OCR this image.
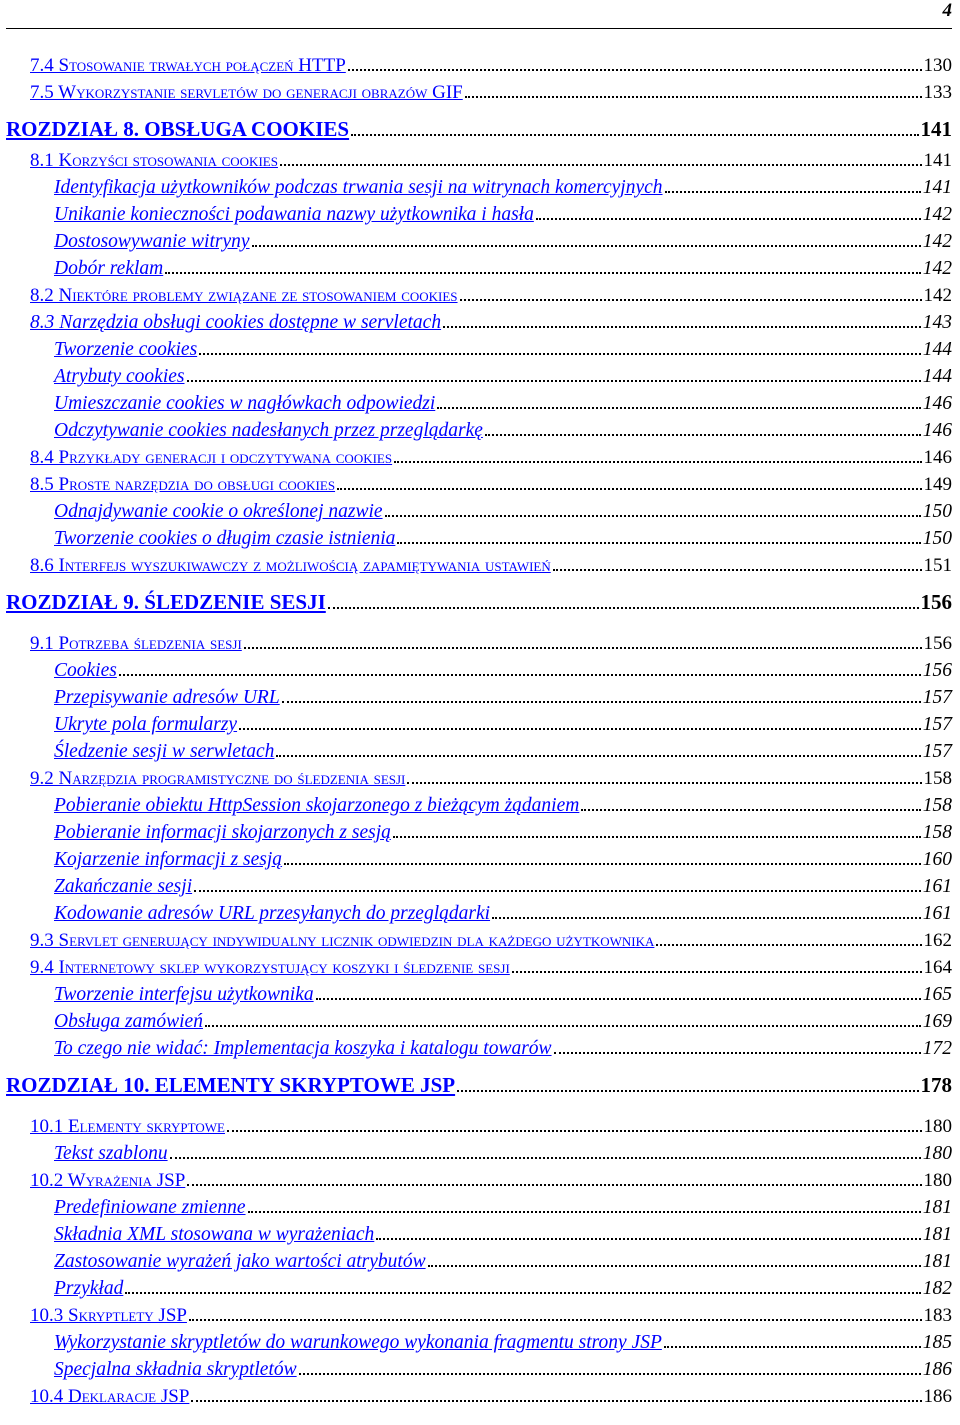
4
7.4 Stosowanie trwałych połączeń HTTP	130
7.5 Wykorzystanie servletów do generacji obrazów GIF	133
ROZDZIAŁ 8. OBSŁUGA COOKIES	141
8.1 Korzyści stosowania cookies	141
Identyfikacja użytkowników podczas trwania sesji na witrynach komercyjnych	141
Unikanie konieczności podawania nazwy użytkownika i hasła	142
Dostosowywanie witryny	142
Dobór reklam	142
8.2 Niektóre problemy związane ze stosowaniem cookies	142
8.3 Narzędzia obsługi cookies dostępne w servletach	143
Tworzenie cookies	144
Atrybuty cookies	144
Umieszczanie cookies w nagłówkach odpowiedzi	146
Odczytywanie cookies nadesłanych przez przeglądarkę	146
8.4 Przykłady generacji i odczytywana cookies	146
8.5 Proste narzędzia do obsługi cookies	149
Odnajdywanie cookie o określonej nazwie	150
Tworzenie cookies o długim czasie istnienia	150
8.6 Interfejs wyszukiwawczy z możliwością zapamiętywania ustawień	151
ROZDZIAŁ 9. ŚLEDZENIE SESJI	156
9.1 Potrzeba śledzenia sesji	156
Cookies	156
Przepisywanie adresów URL	157
Ukryte pola formularzy	157
Śledzenie sesji w serwletach	157
9.2 Narzędzia programistyczne do śledzenia sesji	158
Pobieranie obiektu HttpSession skojarzonego z bieżącym żądaniem	158
Pobieranie informacji skojarzonych z sesją	158
Kojarzenie informacji z sesją	160
Zakańczanie sesji	161
Kodowanie adresów URL przesyłanych do przeglądarki	161
9.3 Servlet generujący indywidualny licznik odwiedzin dla każdego użytkownika	162
9.4 Internetowy sklep wykorzystujący koszyki i śledzenie sesji	164
Tworzenie interfejsu użytkownika	165
Obsługa zamówień	169
To czego nie widać: Implementacja koszyka i katalogu towarów	172
ROZDZIAŁ 10. ELEMENTY SKRYPTOWE JSP	178
10.1 Elementy skryptowe	180
Tekst szablonu	180
10.2 Wyrażenia JSP	180
Predefiniowane zmienne	181
Składnia XML stosowana w wyrażeniach	181
Zastosowanie wyrażeń jako wartości atrybutów	181
Przykład	182
10.3 Skryptlety JSP	183
Wykorzystanie skryptletów do warunkowego wykonania fragmentu strony JSP	185
Specjalna składnia skryptletów	186
10.4 Deklaracje JSP	186
